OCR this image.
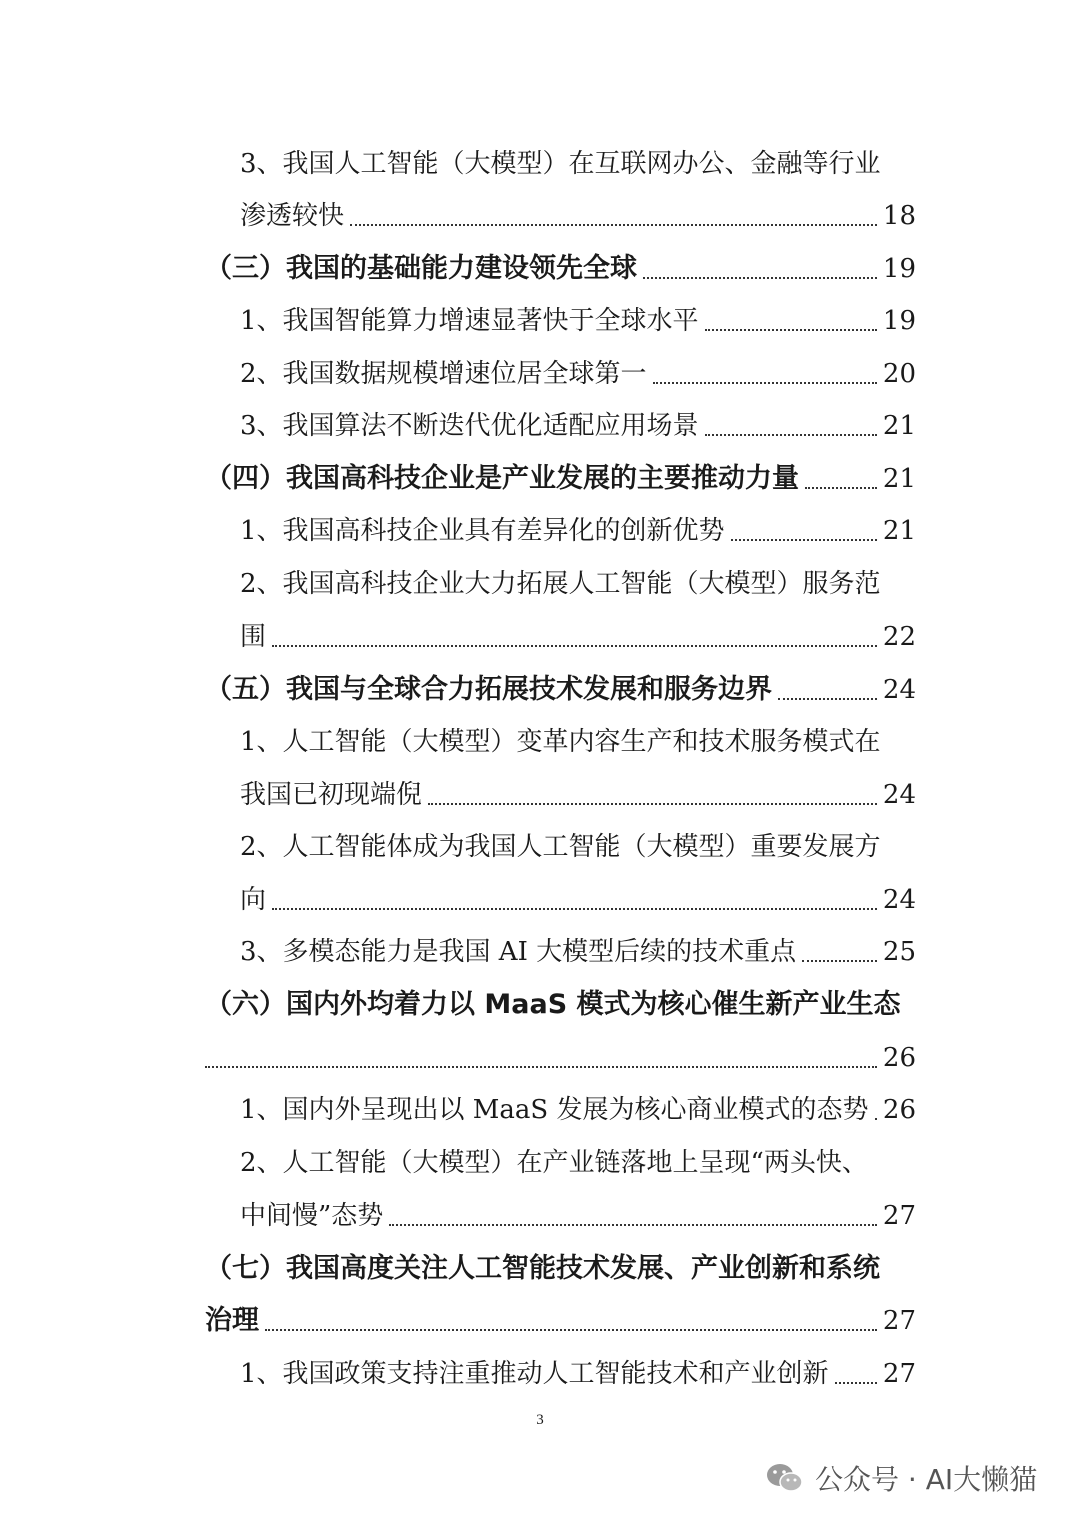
3、我国人工智能（大模型）在互联网办公、金融等行业
渗透较快	18
（三）我国的基础能力建设领先全球	19
1、我国智能算力增速显著快于全球水平	19
2、我国数据规模增速位居全球第一	20
3、我国算法不断迭代优化适配应用场景	21
（四）我国高科技企业是产业发展的主要推动力量	21
1、我国高科技企业具有差异化的创新优势	21
2、我国高科技企业大力拓展人工智能（大模型）服务范
围	22
（五）我国与全球合力拓展技术发展和服务边界	24
1、人工智能（大模型）变革内容生产和技术服务模式在
我国已初现端倪	24
2、人工智能体成为我国人工智能（大模型）重要发展方
向	24
3、多模态能力是我国 AI 大模型后续的技术重点	25
（六）国内外均着力以 MaaS 模式为核心催生新产业生态
26
1、国内外呈现出以 MaaS 发展为核心商业模式的态势 26
2、人工智能（大模型）在产业链落地上呈现“两头快、
中间慢”态势	27
（七）我国高度关注人工智能技术发展、产业创新和系统
治理	27
1、我国政策支持注重推动人工智能技术和产业创新 27
3
公众号 · AI大懒猫
